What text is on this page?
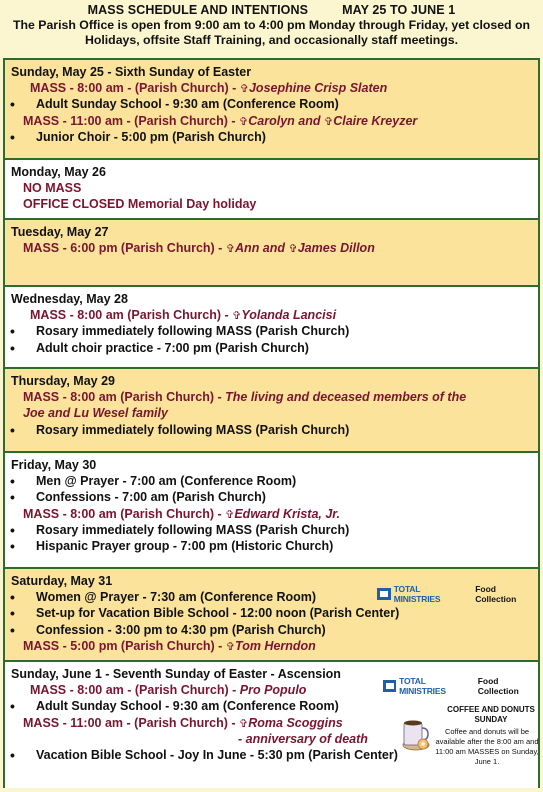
MASS SCHEDULE AND INTENTIONS	MAY 25 TO JUNE 1
The Parish Office is open from 9:00 am to 4:00 pm Monday through Friday, yet closed on Holidays, offsite Staff Training, and occasionally staff meetings.
Sunday, May 25 - Sixth Sunday of Easter
MASS - 8:00 am - (Parish Church) - ✞Josephine Crisp Slaten
• Adult Sunday School - 9:30 am (Conference Room)
MASS - 11:00 am - (Parish Church) - ✞Carolyn and ✞Claire Kreyzer
• Junior Choir - 5:00 pm (Parish Church)
Monday, May 26
NO MASS
OFFICE CLOSED Memorial Day holiday
Tuesday, May 27
MASS - 6:00 pm (Parish Church) - ✞Ann and ✞James Dillon
Wednesday, May 28
MASS - 8:00 am (Parish Church) - ✞Yolanda Lancisi
• Rosary immediately following MASS (Parish Church)
• Adult choir practice - 7:00 pm (Parish Church)
Thursday, May 29
MASS - 8:00 am (Parish Church) - The living and deceased members of the
Joe and Lu Wesel family
• Rosary immediately following MASS (Parish Church)
Friday, May 30
• Men @ Prayer - 7:00 am (Conference Room)
• Confessions - 7:00 am (Parish Church)
MASS - 8:00 am (Parish Church) - ✞Edward Krista, Jr.
• Rosary immediately following MASS (Parish Church)
• Hispanic Prayer group - 7:00 pm (Historic Church)
Saturday, May 31
• Women @ Prayer - 7:30 am (Conference Room)
• Set-up for Vacation Bible School - 12:00 noon (Parish Center)
• Confession - 3:00 pm to 4:30 pm (Parish Church)
MASS - 5:00 pm (Parish Church) - ✞Tom Herndon
TOTAL MINISTRIES
Food Collection
Sunday, June 1 - Seventh Sunday of Easter - Ascension
MASS - 8:00 am - (Parish Church) - Pro Populo
• Adult Sunday School - 9:30 am (Conference Room)
MASS - 11:00 am - (Parish Church) - ✞Roma Scoggins
- anniversary of death
• Vacation Bible School - Joy In June - 5:30 pm (Parish Center)
TOTAL MINISTRIES
Food Collection
COFFEE AND DONUTS SUNDAY
Coffee and donuts will be available after the 8:00 am and 11:00 am MASSES on Sunday, June 1.
